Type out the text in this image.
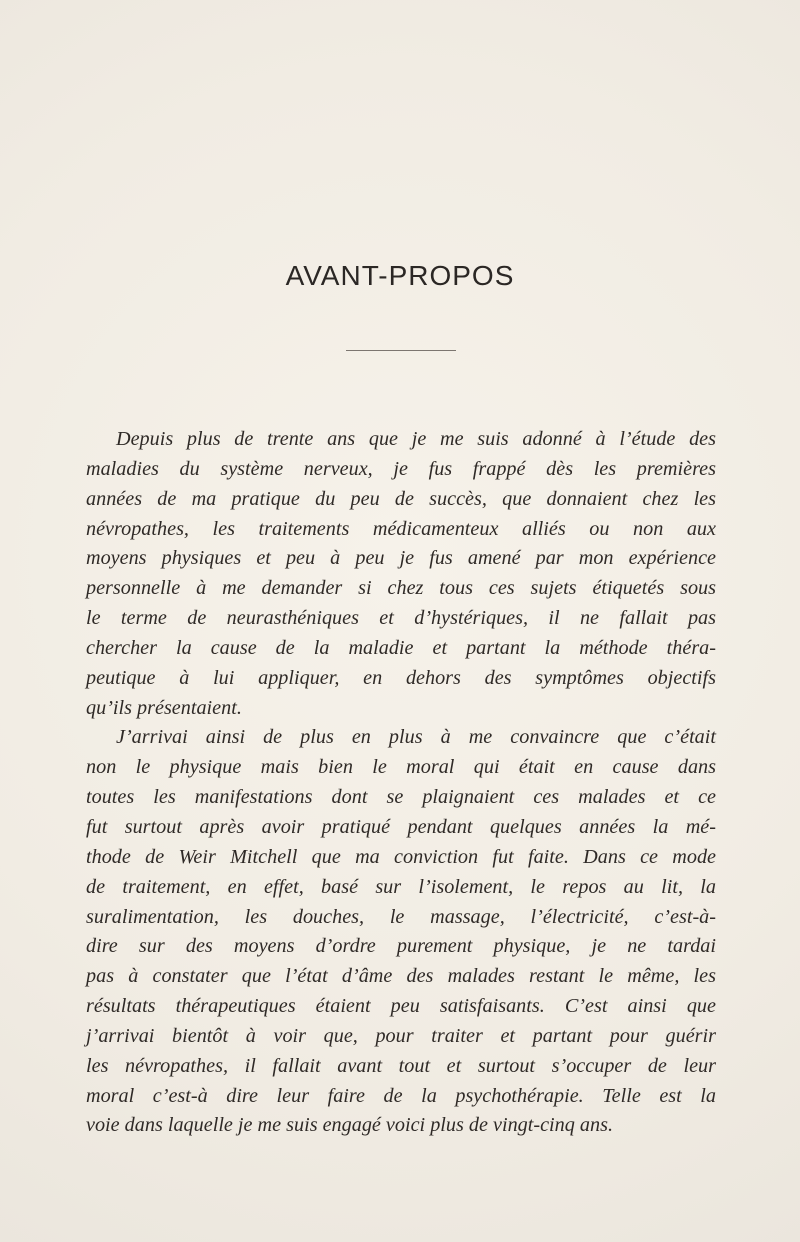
AVANT-PROPOS
Depuis plus de trente ans que je me suis adonné à l’étude des
maladies du système nerveux, je fus frappé dès les premières
années de ma pratique du peu de succès, que donnaient chez les
névropathes, les traitements médicamenteux alliés ou non aux
moyens physiques et peu à peu je fus amené par mon expérience
personnelle à me demander si chez tous ces sujets étiquetés sous
le terme de neurasthéniques et d’hystériques, il ne fallait pas
chercher la cause de la maladie et partant la méthode théra-
peutique à lui appliquer, en dehors des symptômes objectifs
qu’ils présentaient.
J’arrivai ainsi de plus en plus à me convaincre que c’était
non le physique mais bien le moral qui était en cause dans
toutes les manifestations dont se plaignaient ces malades et ce
fut surtout après avoir pratiqué pendant quelques années la mé-
thode de Weir Mitchell que ma conviction fut faite. Dans ce mode
de traitement, en effet, basé sur l’isolement, le repos au lit, la
suralimentation, les douches, le massage, l’électricité, c’est-à-
dire sur des moyens d’ordre purement physique, je ne tardai
pas à constater que l’état d’âme des malades restant le même, les
résultats thérapeutiques étaient peu satisfaisants. C’est ainsi que
j’arrivai bientôt à voir que, pour traiter et partant pour guérir
les névropathes, il fallait avant tout et surtout s’occuper de leur
moral c’est-à dire leur faire de la psychothérapie. Telle est la
voie dans laquelle je me suis engagé voici plus de vingt-cinq ans.
